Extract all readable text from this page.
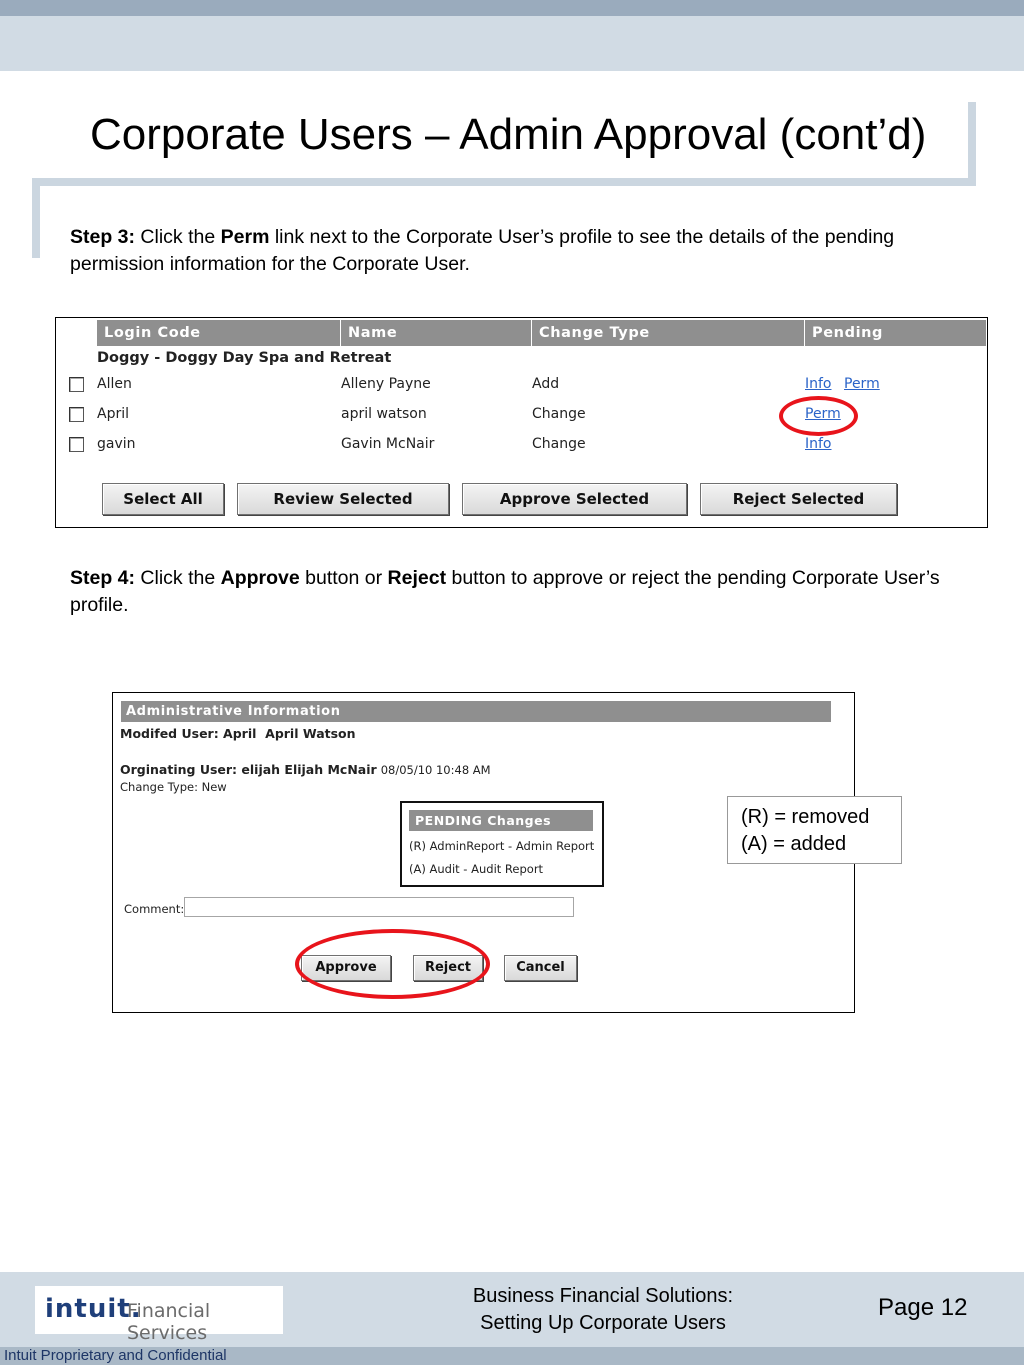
Corporate Users – Admin Approval (cont’d)
Step 3: Click the Perm link next to the Corporate User’s profile to see the details of the pending permission information for the Corporate User.
Login Code	Name	Change Type	Pending
Doggy - Doggy Day Spa and Retreat
Allen	Alleny Payne	Add	Info Perm
April	april watson	Change	Perm
gavin	Gavin McNair	Change	Info
Select All	Review Selected	Approve Selected	Reject Selected
Step 4: Click the Approve button or Reject button to approve or reject the pending Corporate User’s profile.
Administrative Information
Modifed User: April April Watson
Orginating User: elijah Elijah McNair 08/05/10 10:48 AM
Change Type: New
PENDING Changes
(R) AdminReport - Admin Report
(A) Audit - Audit Report
Comment:
Approve	Reject	Cancel
(R) = removed
(A) = added
intuit.
Financial Services
Business Financial Solutions:
Setting Up Corporate Users
Page 12
Intuit Proprietary and Confidential
